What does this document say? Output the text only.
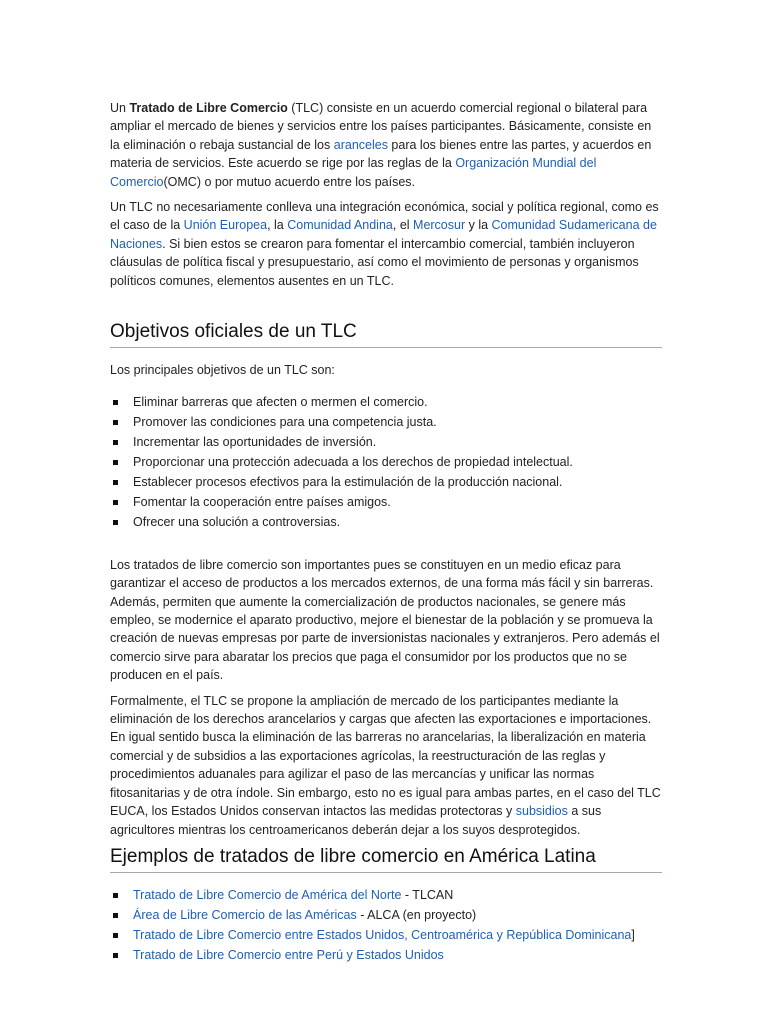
Un Tratado de Libre Comercio (TLC) consiste en un acuerdo comercial regional o bilateral para ampliar el mercado de bienes y servicios entre los países participantes. Básicamente, consiste en la eliminación o rebaja sustancial de los aranceles para los bienes entre las partes, y acuerdos en materia de servicios. Este acuerdo se rige por las reglas de la Organización Mundial del Comercio(OMC) o por mutuo acuerdo entre los países.

Un TLC no necesariamente conlleva una integración económica, social y política regional, como es el caso de la Unión Europea, la Comunidad Andina, el Mercosur y la Comunidad Sudamericana de Naciones. Si bien estos se crearon para fomentar el intercambio comercial, también incluyeron cláusulas de política fiscal y presupuestario, así como el movimiento de personas y organismos políticos comunes, elementos ausentes en un TLC.

Objetivos oficiales de un TLC

Los principales objetivos de un TLC son:

Eliminar barreras que afecten o mermen el comercio.
Promover las condiciones para una competencia justa.
Incrementar las oportunidades de inversión.
Proporcionar una protección adecuada a los derechos de propiedad intelectual.
Establecer procesos efectivos para la estimulación de la producción nacional.
Fomentar la cooperación entre países amigos.
Ofrecer una solución a controversias.

Los tratados de libre comercio son importantes pues se constituyen en un medio eficaz para garantizar el acceso de productos a los mercados externos, de una forma más fácil y sin barreras. Además, permiten que aumente la comercialización de productos nacionales, se genere más empleo, se modernice el aparato productivo, mejore el bienestar de la población y se promueva la creación de nuevas empresas por parte de inversionistas nacionales y extranjeros. Pero además el comercio sirve para abaratar los precios que paga el consumidor por los productos que no se producen en el país.

Formalmente, el TLC se propone la ampliación de mercado de los participantes mediante la eliminación de los derechos arancelarios y cargas que afecten las exportaciones e importaciones. En igual sentido busca la eliminación de las barreras no arancelarias, la liberalización en materia comercial y de subsidios a las exportaciones agrícolas, la reestructuración de las reglas y procedimientos aduanales para agilizar el paso de las mercancías y unificar las normas fitosanitarias y de otra índole. Sin embargo, esto no es igual para ambas partes, en el caso del TLC EUCA, los Estados Unidos conservan intactos las medidas protectoras y subsidios a sus agricultores mientras los centroamericanos deberán dejar a los suyos desprotegidos.

Ejemplos de tratados de libre comercio en América Latina
Tratado de Libre Comercio de América del Norte - TLCAN
Área de Libre Comercio de las Américas - ALCA (en proyecto)
Tratado de Libre Comercio entre Estados Unidos, Centroamérica y República Dominicana]
Tratado de Libre Comercio entre Perú y Estados Unidos
